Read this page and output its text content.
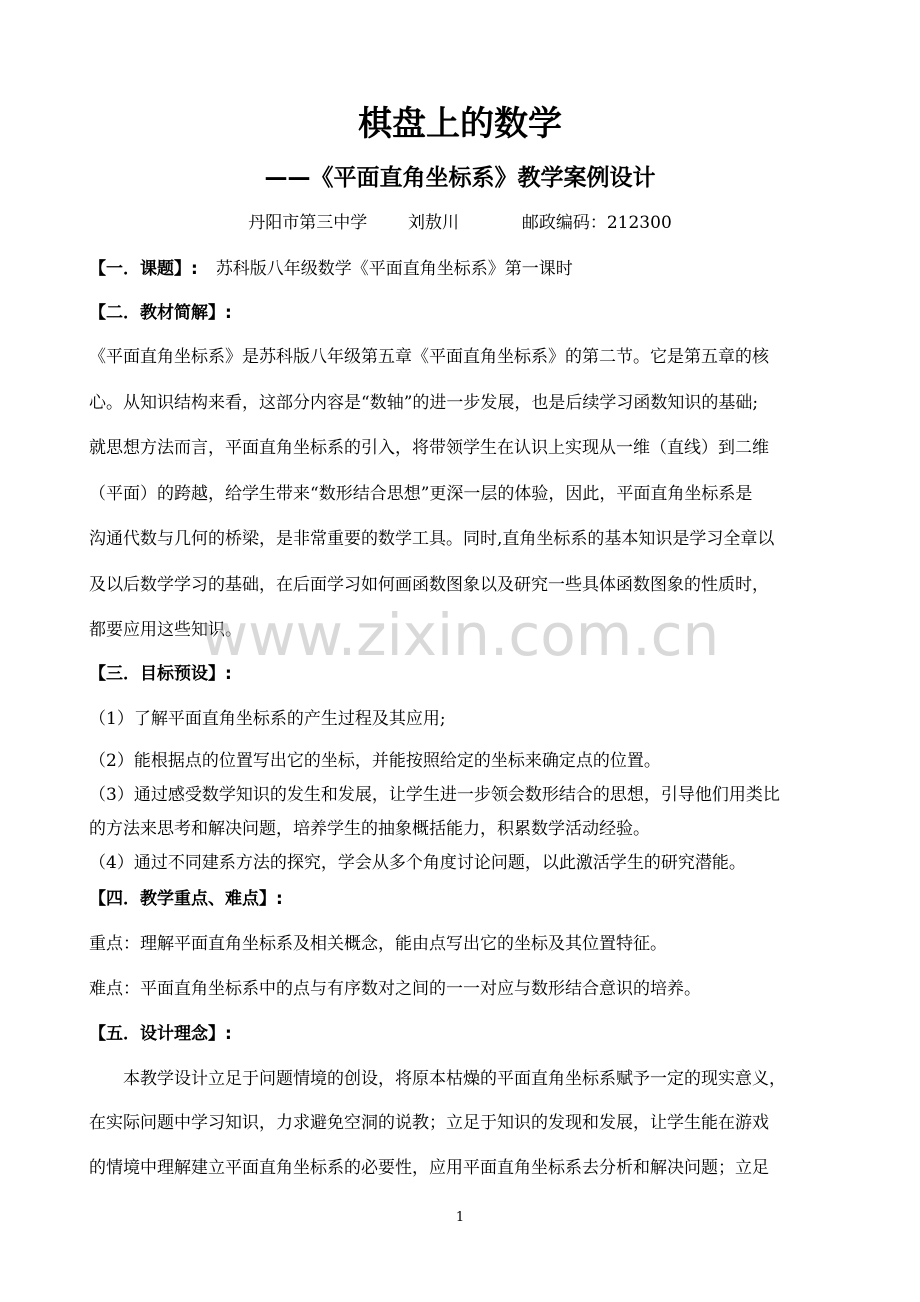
棋盘上的数学
——《平面直角坐标系》教学案例设计
丹阳市第三中学 刘敖川	邮政编码：212300
【一．课题】: 苏科版八年级数学《平面直角坐标系》第一课时
【二．教材简解】:
《平面直角坐标系》是苏科版八年级第五章《平面直角坐标系》的第二节。它是第五章的核
心。从知识结构来看，这部分内容是“数轴”的进一步发展，也是后续学习函数知识的基础;
就思想方法而言，平面直角坐标系的引入，将带领学生在认识上实现从一维（直线）到二维
（平面）的跨越，给学生带来“数形结合思想”更深一层的体验，因此，平面直角坐标系是
沟通代数与几何的桥梁，是非常重要的数学工具。同时,直角坐标系的基本知识是学习全章以
及以后数学学习的基础，在后面学习如何画函数图象以及研究一些具体函数图象的性质时，
都要应用这些知识。
【三．目标预设】:
（1）了解平面直角坐标系的产生过程及其应用;
（2）能根据点的位置写出它的坐标，并能按照给定的坐标来确定点的位置。
（3）通过感受数学知识的发生和发展，让学生进一步领会数形结合的思想，引导他们用类比
的方法来思考和解决问题，培养学生的抽象概括能力，积累数学活动经验。
（4）通过不同建系方法的探究，学会从多个角度讨论问题，以此激活学生的研究潜能。
【四．教学重点、难点】:
重点：理解平面直角坐标系及相关概念，能由点写出它的坐标及其位置特征。
难点：平面直角坐标系中的点与有序数对之间的一一对应与数形结合意识的培养。
【五．设计理念】:
本教学设计立足于问题情境的创设，将原本枯燥的平面直角坐标系赋予一定的现实意义，
在实际问题中学习知识，力求避免空洞的说教；立足于知识的发现和发展，让学生能在游戏
的情境中理解建立平面直角坐标系的必要性，应用平面直角坐标系去分析和解决问题；立足
www.zixin.com.cn
1
